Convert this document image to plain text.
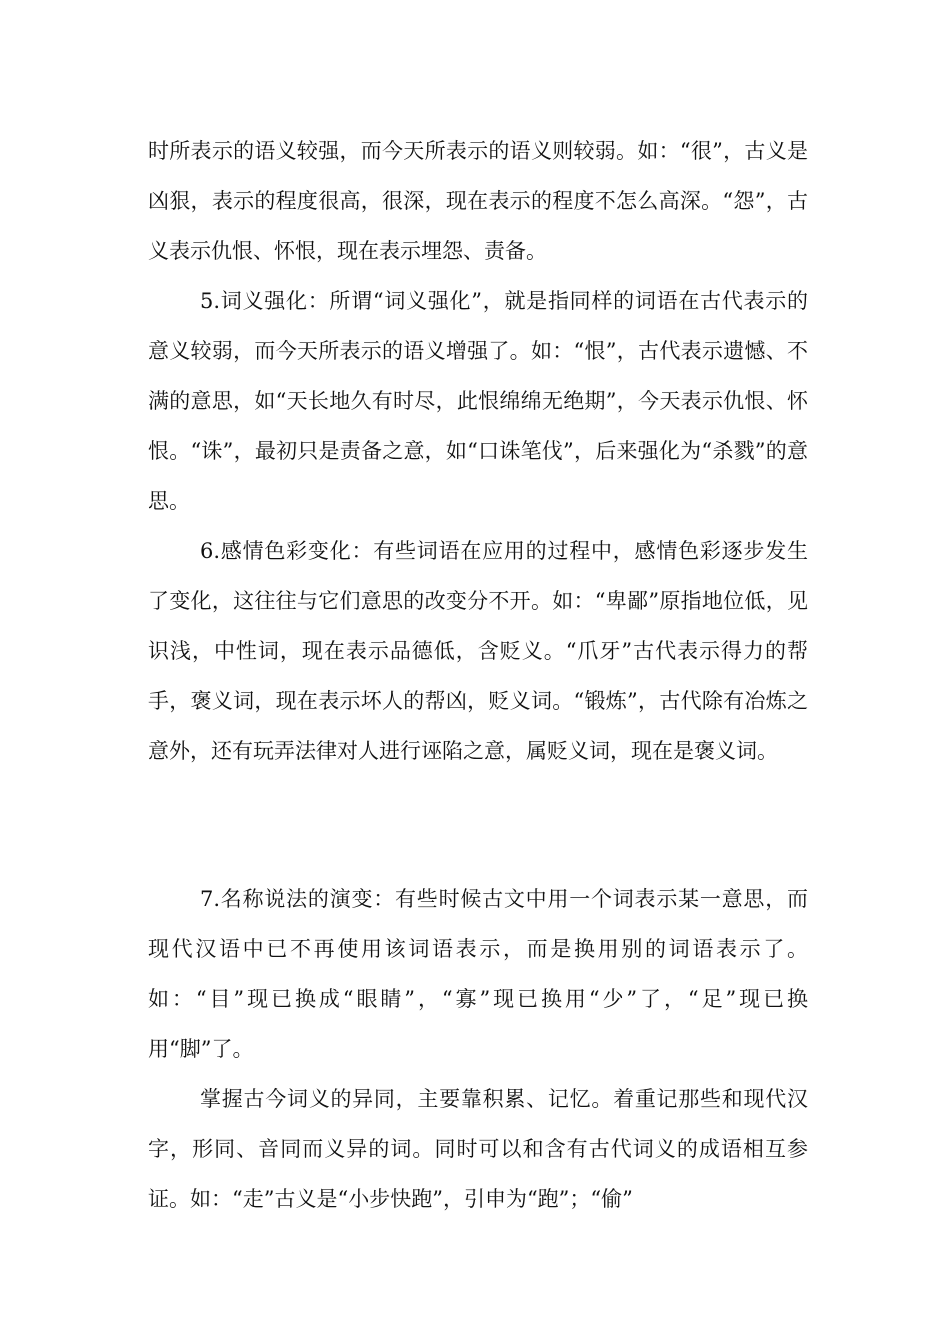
时所表示的语义较强，而今天所表示的语义则较弱。如：“很”，古义是凶狠，表示的程度很高，很深，现在表示的程度不怎么高深。“怨”，古义表示仇恨、怀恨，现在表示埋怨、责备。

5.词义强化：所谓“词义强化”，就是指同样的词语在古代表示的意义较弱，而今天所表示的语义增强了。如：“恨”，古代表示遗憾、不满的意思，如“天长地久有时尽，此恨绵绵无绝期”，今天表示仇恨、怀恨。“诛”，最初只是责备之意，如“口诛笔伐”，后来强化为“杀戮”的意思。

6.感情色彩变化：有些词语在应用的过程中，感情色彩逐步发生了变化，这往往与它们意思的改变分不开。如：“卑鄙”原指地位低，见识浅，中性词，现在表示品德低，含贬义。“爪牙”古代表示得力的帮手，褒义词，现在表示坏人的帮凶，贬义词。“锻炼”，古代除有冶炼之意外，还有玩弄法律对人进行诬陷之意，属贬义词，现在是褒义词。

7.名称说法的演变：有些时候古文中用一个词表示某一意思，而现代汉语中已不再使用该词语表示，而是换用别的词语表示了。如：“目”现已换成“眼睛”，“寡”现已换用“少”了，“足”现已换用“脚”了。

掌握古今词义的异同，主要靠积累、记忆。着重记那些和现代汉字，形同、音同而义异的词。同时可以和含有古代词义的成语相互参证。如：“走”古义是“小步快跑”，引申为“跑”；“偷”
